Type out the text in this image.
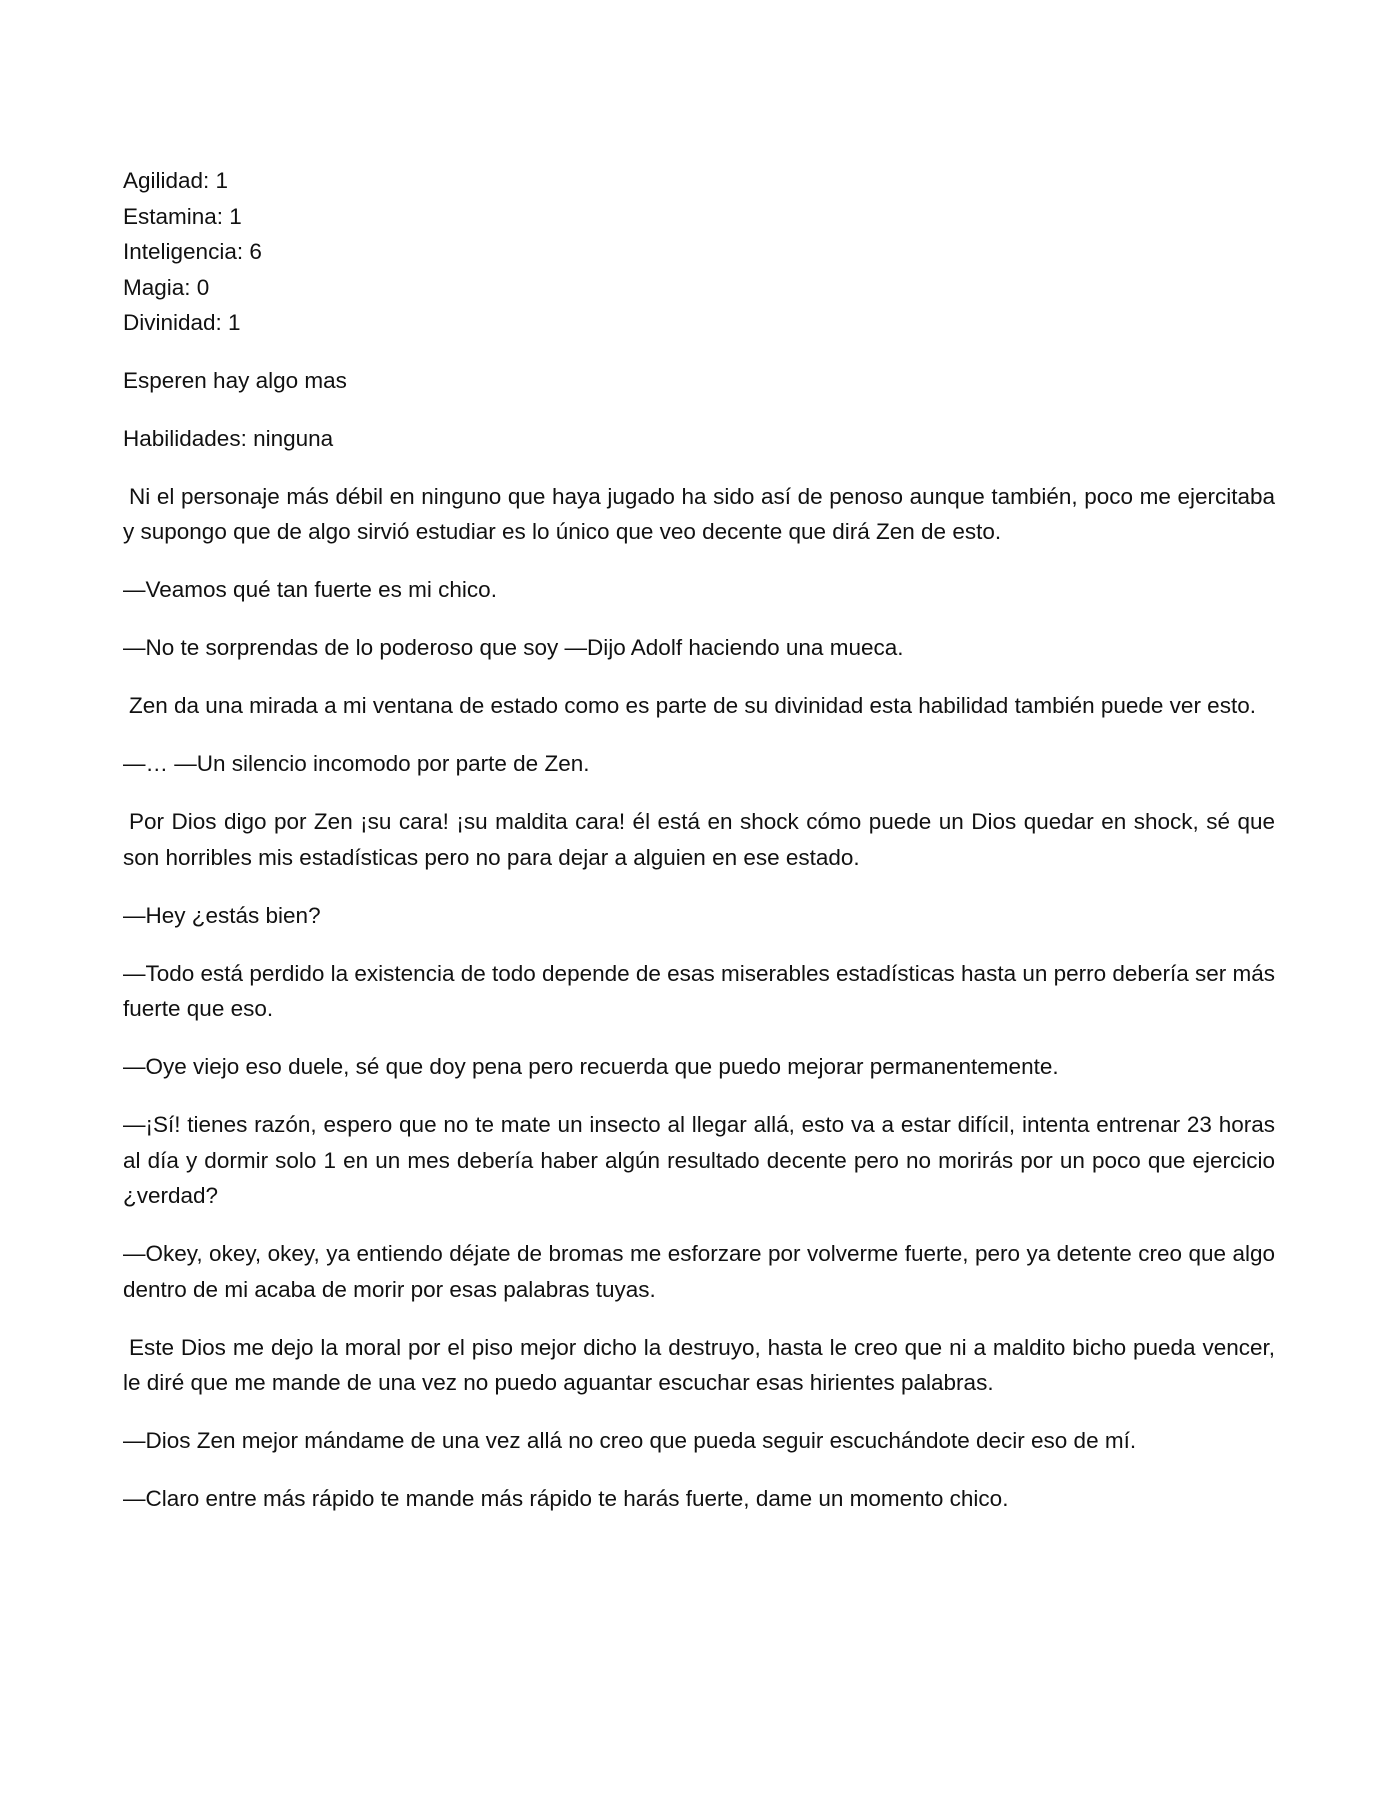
Agilidad: 1

Estamina: 1

Inteligencia: 6

Magia: 0

Divinidad: 1

Esperen hay algo mas

Habilidades: ninguna

Ni el personaje más débil en ninguno que haya jugado ha sido así de penoso aunque también, poco me ejercitaba y supongo que de algo sirvió estudiar es lo único que veo decente que dirá Zen de esto.

—Veamos qué tan fuerte es mi chico.

—No te sorprendas de lo poderoso que soy —Dijo Adolf haciendo una mueca.

Zen da una mirada a mi ventana de estado como es parte de su divinidad esta habilidad también puede ver esto.

—… —Un silencio incomodo por parte de Zen.

Por Dios digo por Zen ¡su cara! ¡su maldita cara! él está en shock cómo puede un Dios quedar en shock, sé que son horribles mis estadísticas pero no para dejar a alguien en ese estado.

—Hey ¿estás bien?

—Todo está perdido la existencia de todo depende de esas miserables estadísticas hasta un perro debería ser más fuerte que eso.

—Oye viejo eso duele, sé que doy pena pero recuerda que puedo mejorar permanentemente.

—¡Sí! tienes razón, espero que no te mate un insecto al llegar allá, esto va a estar difícil, intenta entrenar 23 horas al día y dormir solo 1 en un mes debería haber algún resultado decente pero no morirás por un poco que ejercicio ¿verdad?

—Okey, okey, okey, ya entiendo déjate de bromas me esforzare por volverme fuerte, pero ya detente creo que algo dentro de mi acaba de morir por esas palabras tuyas.

Este Dios me dejo la moral por el piso mejor dicho la destruyo, hasta le creo que ni a maldito bicho pueda vencer, le diré que me mande de una vez no puedo aguantar escuchar esas hirientes palabras.

—Dios Zen mejor mándame de una vez allá no creo que pueda seguir escuchándote decir eso de mí.

—Claro entre más rápido te mande más rápido te harás fuerte, dame un momento chico.
